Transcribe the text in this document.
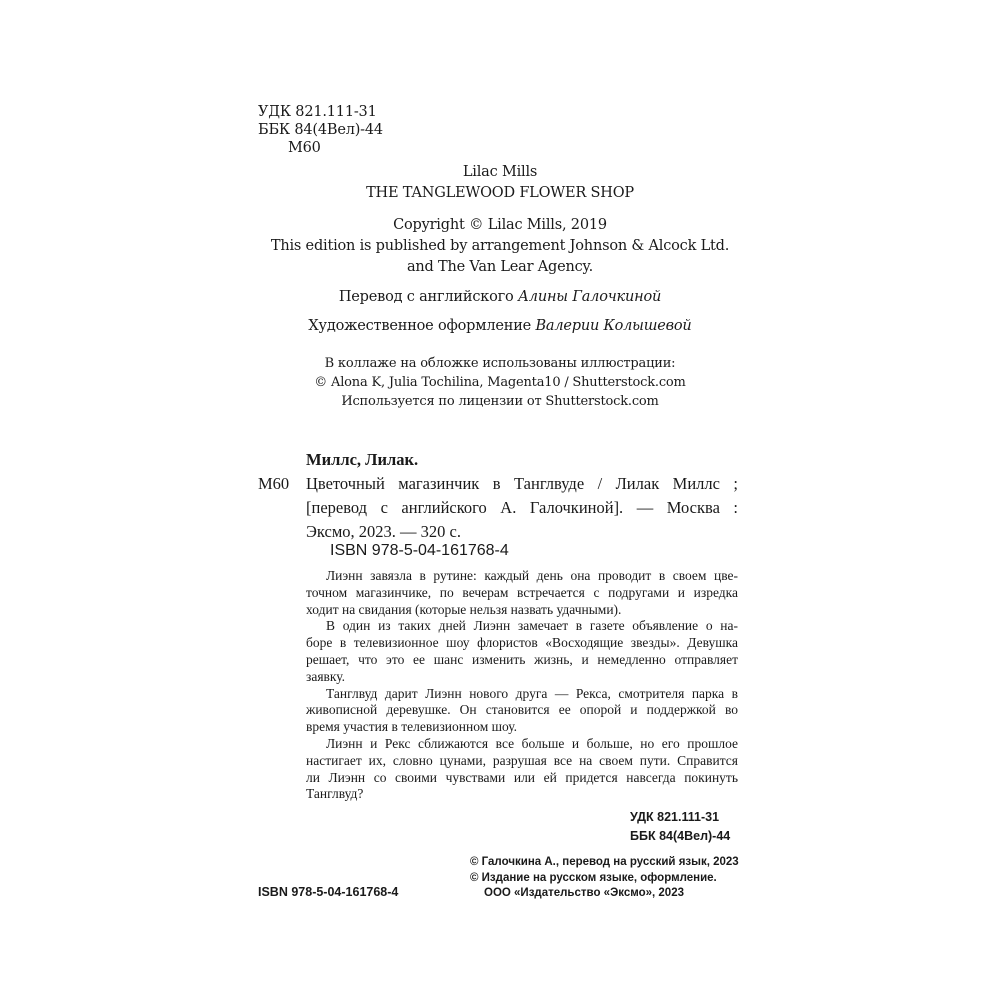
УДК 821.111-31
ББК 84(4Вел)-44
М60
Lilac Mills
THE TANGLEWOOD FLOWER SHOP
Copyright © Lilac Mills, 2019
This edition is published by arrangement Johnson & Alcock Ltd.
and The Van Lear Agency.
Перевод с английского Алины Галочкиной
Художественное оформление Валерии Колышевой
В коллаже на обложке использованы иллюстрации:
© Alona K, Julia Tochilina, Magenta10 / Shutterstock.com
Используется по лицензии от Shutterstock.com
Миллс, Лилак.
М60 Цветочный магазинчик в Танглвуде / Лилак Миллс ;
[перевод с английского А. Галочкиной]. — Москва :
Эксмо, 2023. — 320 с.
ISBN 978-5-04-161768-4
Лиэнн завязла в рутине: каждый день она проводит в своем цве-
точном магазинчике, по вечерам встречается с подругами и изредка
ходит на свидания (которые нельзя назвать удачными).
В один из таких дней Лиэнн замечает в газете объявление о на-
боре в телевизионное шоу флористов «Восходящие звезды». Девушка
решает, что это ее шанс изменить жизнь, и немедленно отправляет
заявку.
Танглвуд дарит Лиэнн нового друга — Рекса, смотрителя парка в
живописной деревушке. Он становится ее опорой и поддержкой во
время участия в телевизионном шоу.
Лиэнн и Рекс сближаются все больше и больше, но его прошлое
настигает их, словно цунами, разрушая все на своем пути. Справится
ли Лиэнн со своими чувствами или ей придется навсегда покинуть
Танглвуд?
УДК 821.111-31
ББК 84(4Вел)-44
© Галочкина А., перевод на русский язык, 2023
© Издание на русском языке, оформление.
ООО «Издательство «Эксмо», 2023
ISBN 978-5-04-161768-4
